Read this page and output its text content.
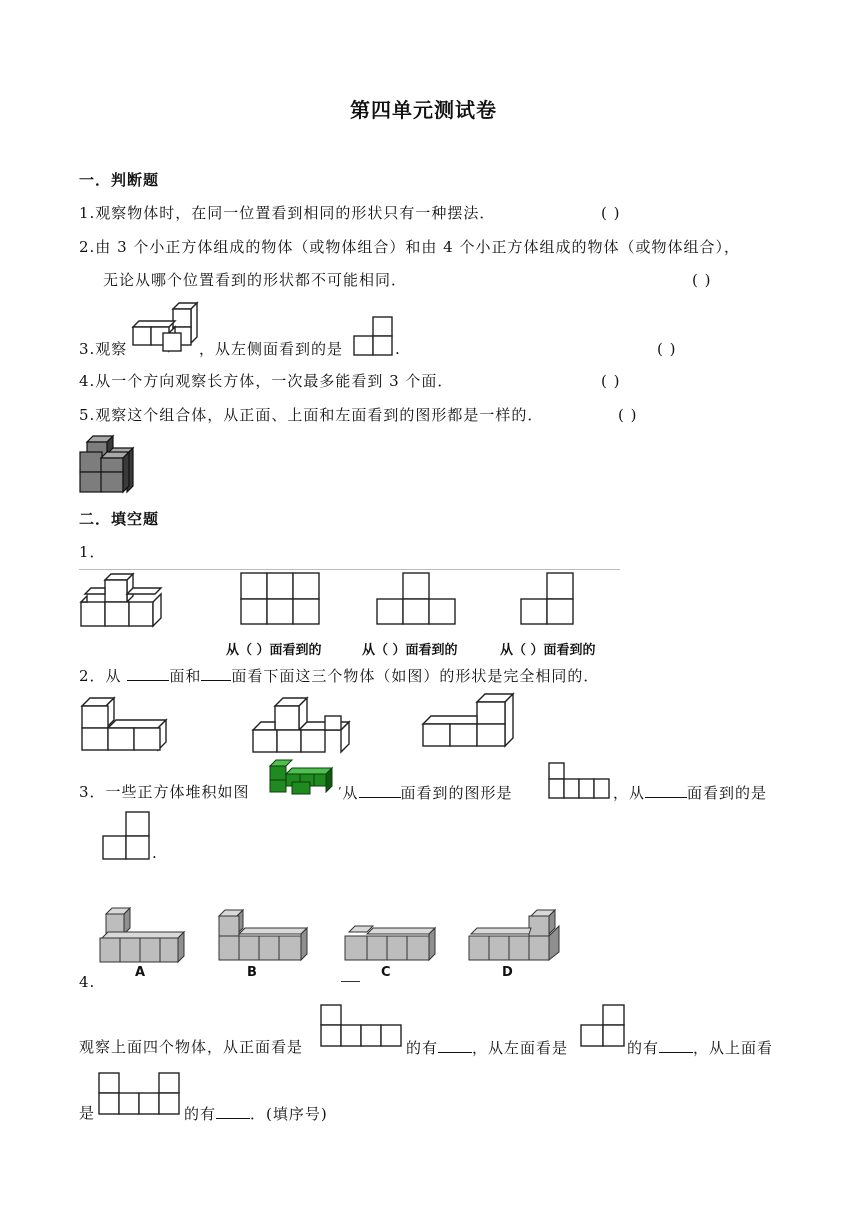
第四单元测试卷
一．判断题
1.观察物体时，在同一位置看到相同的形状只有一种摆法．	( )
2.由 3 个小正方体组成的物体（或物体组合）和由 4 个小正方体组成的物体（或物体组合），
无论从哪个位置看到的形状都不可能相同．	( )
3.观察	，从左侧面看到的是	.	( )
4.从一个方向观察长方体，一次最多能看到 3 个面．	( )
5.观察这个组合体，从正面、上面和左面看到的图形都是一样的．	( )
二．填空题
1．
从（ ）面看到的	从（ ）面看到的	从（ ）面看到的
2．从	面和 面看下面这三个物体（如图）的形状是完全相同的．
3．一些正方体堆积如图	’从	面看到的图形是	，从	面看到的是
.
A	B	C	D
4.
观察上面四个物体，从正面看是	的有 ，从左面看是	的有 ，从上面看
是	的有 ．(填序号)
